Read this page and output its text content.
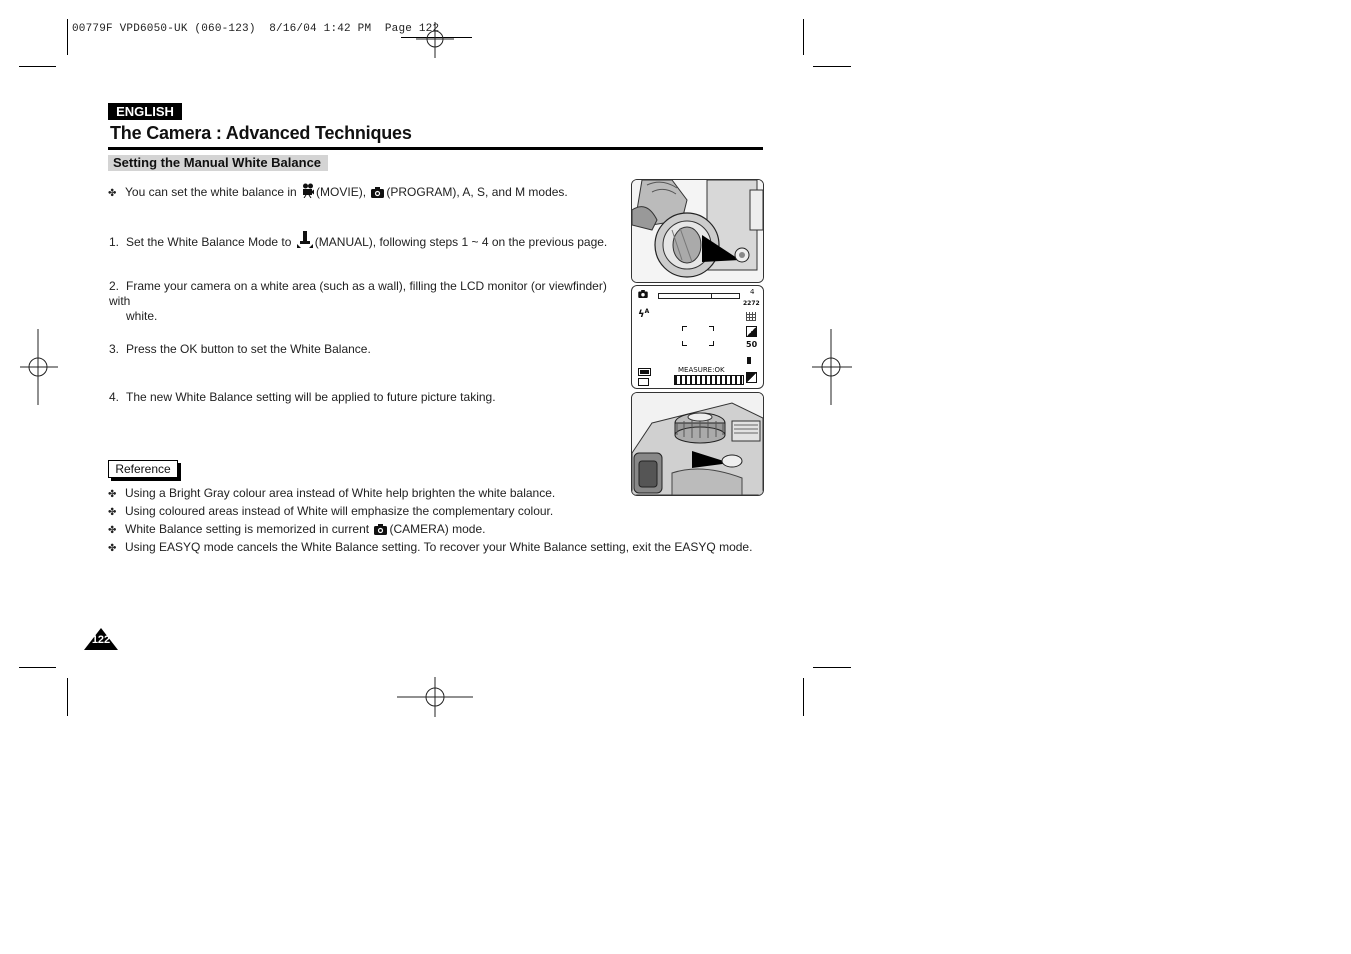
00779F VPD6050-UK (060-123)  8/16/04 1:42 PM  Page 122
ENGLISH
The Camera : Advanced Techniques
Setting the Manual White Balance
✤ You can set the white balance in (MOVIE), (PROGRAM), A, S, and M modes.
1. Set the White Balance Mode to (MANUAL), following steps 1 ~ 4 on the previous page.
2. Frame your camera on a white area (such as a wall), filling the LCD monitor (or viewfinder) with
white.
3. Press the OK button to set the White Balance.
4. The new White Balance setting will be applied to future picture taking.
Reference
✤ Using a Bright Gray colour area instead of White help brighten the white balance.
✤ Using coloured areas instead of White will emphasize the complementary colour.
✤ White Balance setting is memorized in current (CAMERA) mode.
✤ Using EASYQ mode cancels the White Balance setting. To recover your White Balance setting, exit the EASYQ mode.
4
2272
$ϟ^A$
50
MEASURE:OK
122
